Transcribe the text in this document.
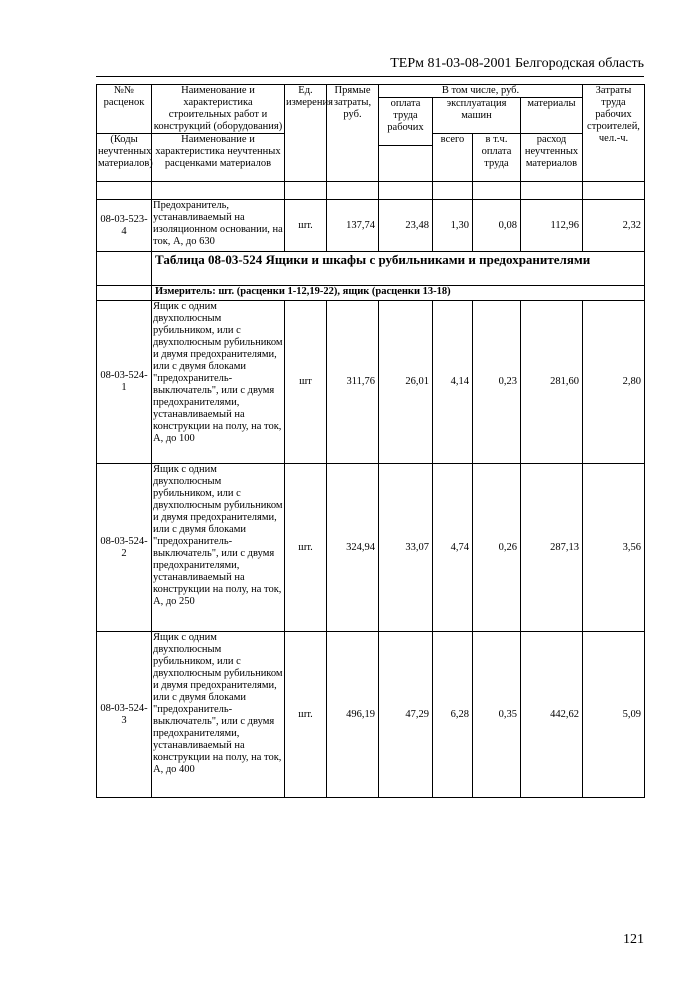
ТЕРм 81-03-08-2001 Белгородская область
№№ расценок	Наименование и характеристика строительных работ и конструкций (оборудования)	Ед. измерения	Прямые затраты, руб.	В том числе, руб.				Затраты труда рабочих строителей, чел.-ч.
				оплата труда рабочих	эксплуатация машин		материалы	

(Коды неучтенных материалов)	Наименование и характеристика неучтенных расценками материалов				всего	в т.ч. оплата труда	расход неучтенных материалов	

08-03-523-4	Предохранитель, устанавливаемый на изоляционном основании, на ток, А, до 630	шт.	137,74	23,48	1,30	0,08	112,96	2,32
	Таблица 08-03-524 Ящики и шкафы с рубильниками и предохранителями							
	Измеритель: шт. (расценки 1-12,19-22), ящик (расценки 13-18)							
08-03-524-1	Ящик с одним двухполюсным рубильником, или с двухполюсным рубильником и двумя предохранителями, или с двумя блоками "предохранитель-выключатель", или с двумя предохранителями, устанавливаемый на конструкции на полу, на ток, А, до 100	шт	311,76	26,01	4,14	0,23	281,60	2,80
08-03-524-2	Ящик с одним двухполюсным рубильником, или с двухполюсным рубильником и двумя предохранителями, или с двумя блоками "предохранитель-выключатель", или с двумя предохранителями, устанавливаемый на конструкции на полу, на ток, А, до 250	шт.	324,94	33,07	4,74	0,26	287,13	3,56
08-03-524-3	Ящик с одним двухполюсным рубильником, или с двухполюсным рубильником и двумя предохранителями, или с двумя блоками "предохранитель-выключатель", или с двумя предохранителями, устанавливаемый на конструкции на полу, на ток, А, до 400	шт.	496,19	47,29	6,28	0,35	442,62	5,09
121
